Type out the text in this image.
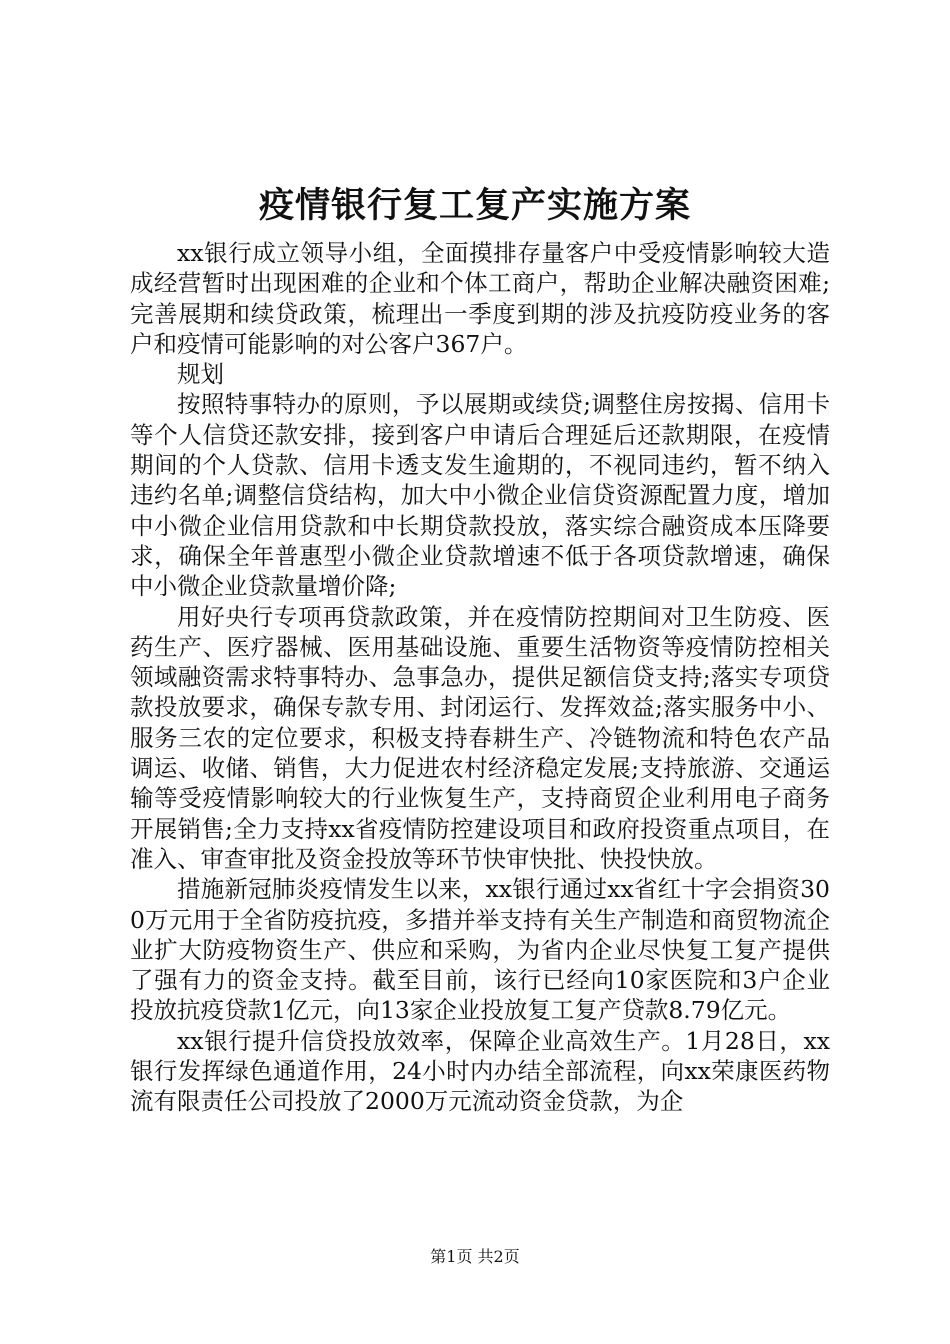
疫情银行复工复产实施方案

xx银行成立领导小组，全面摸排存量客户中受疫情影响较大造成经营暂时出现困难的企业和个体工商户，帮助企业解决融资困难;完善展期和续贷政策，梳理出一季度到期的涉及抗疫防疫业务的客户和疫情可能影响的对公客户367户。

规划

按照特事特办的原则，予以展期或续贷;调整住房按揭、信用卡等个人信贷还款安排，接到客户申请后合理延后还款期限，在疫情期间的个人贷款、信用卡透支发生逾期的，不视同违约，暂不纳入违约名单;调整信贷结构，加大中小微企业信贷资源配置力度，增加中小微企业信用贷款和中长期贷款投放，落实综合融资成本压降要求，确保全年普惠型小微企业贷款增速不低于各项贷款增速，确保中小微企业贷款量增价降;

用好央行专项再贷款政策，并在疫情防控期间对卫生防疫、医药生产、医疗器械、医用基础设施、重要生活物资等疫情防控相关领域融资需求特事特办、急事急办，提供足额信贷支持;落实专项贷款投放要求，确保专款专用、封闭运行、发挥效益;落实服务中小、服务三农的定位要求，积极支持春耕生产、冷链物流和特色农产品调运、收储、销售，大力促进农村经济稳定发展;支持旅游、交通运输等受疫情影响较大的行业恢复生产，支持商贸企业利用电子商务开展销售;全力支持xx省疫情防控建设项目和政府投资重点项目，在准入、审查审批及资金投放等环节快审快批、快投快放。

措施新冠肺炎疫情发生以来，xx银行通过xx省红十字会捐资300万元用于全省防疫抗疫，多措并举支持有关生产制造和商贸物流企业扩大防疫物资生产、供应和采购，为省内企业尽快复工复产提供了强有力的资金支持。截至目前，该行已经向10家医院和3户企业投放抗疫贷款1亿元，向13家企业投放复工复产贷款8.79亿元。

xx银行提升信贷投放效率，保障企业高效生产。1月28日，xx银行发挥绿色通道作用，24小时内办结全部流程，向xx荣康医药物流有限责任公司投放了2000万元流动资金贷款，为企

第1页 共2页
